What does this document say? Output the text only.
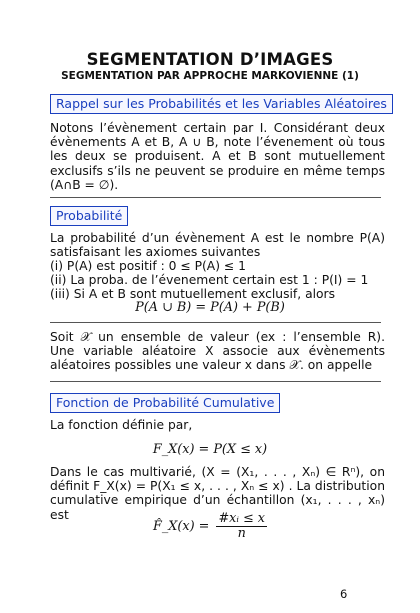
SEGMENTATION D’IMAGES
SEGMENTATION PAR APPROCHE MARKOVIENNE (1)
Rappel sur les Probabilités et les Variables Aléatoires
Notons l’évènement certain par I. Considérant deux évènements A et B, A ∪ B, note l’évenement où tous les deux se produisent. A et B sont mutuellement exclusifs s’ils ne peuvent se produire en même temps (A∩B = ∅).
Probabilité
La probabilité d’un évènement A est le nombre P(A) satisfaisant les axiomes suivantes
(i) P(A) est positif : 0 ≤ P(A) ≤ 1
(ii) La proba. de l’évenement certain est 1 : P(I) = 1
(iii) Si A et B sont mutuellement exclusif, alors
P(A ∪ B) = P(A) + P(B)
Soit 𝒳 un ensemble de valeur (ex : l’ensemble R). Une variable aléatoire X associe aux évènements aléatoires possibles une valeur x dans 𝒳. on appelle
Fonction de Probabilité Cumulative
La fonction définie par,
F_X(x) = P(X ≤ x)
Dans le cas multivarié, (X = (X₁, . . . , Xₙ) ∈ Rⁿ), on définit F_X(x) = P(X₁ ≤ x, . . . , Xₙ ≤ x) . La distribution cumulative empirique d’un échantillon (x₁, . . . , xₙ) est
F̂_X(x) = $\frac{\text{\#xᵢ ≤ x}}{n}$
6
